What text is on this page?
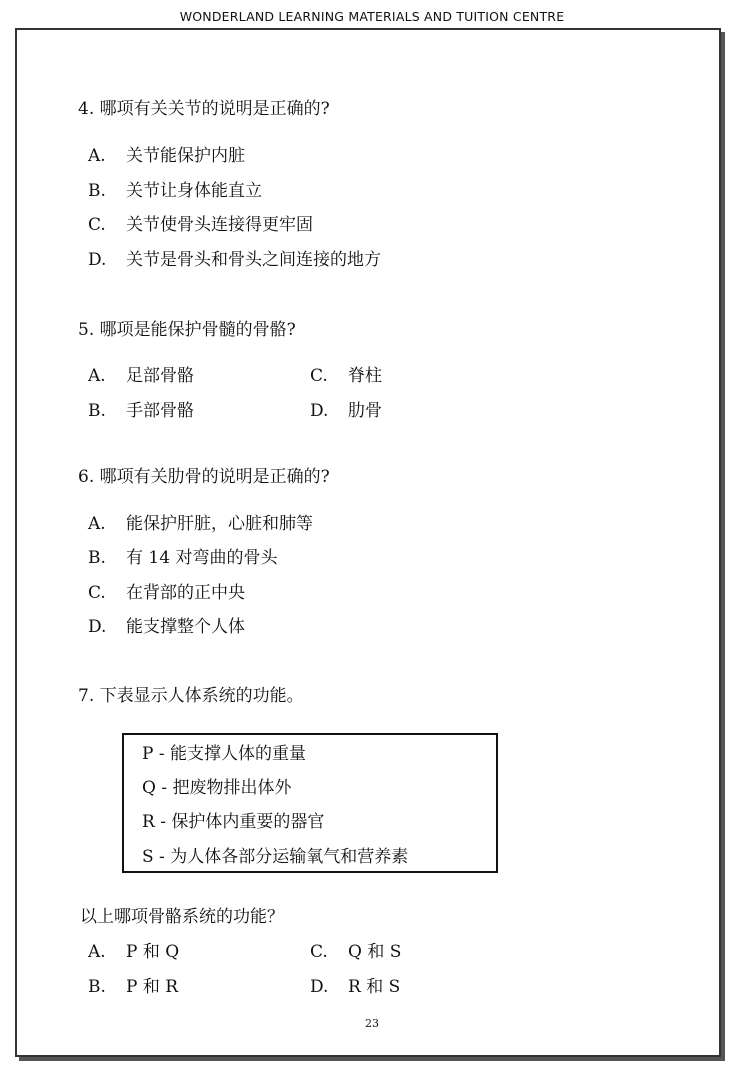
WONDERLAND LEARNING MATERIALS AND TUITION CENTRE
4. 哪项有关关节的说明是正确的?
A. 关节能保护内脏
B. 关节让身体能直立
C. 关节使骨头连接得更牢固
D. 关节是骨头和骨头之间连接的地方
5. 哪项是能保护骨髓的骨骼?
A. 足部骨骼	C. 脊柱
B. 手部骨骼	D. 肋骨
6. 哪项有关肋骨的说明是正确的?
A. 能保护肝脏，心脏和肺等
B. 有 14 对弯曲的骨头
C. 在背部的正中央
D. 能支撑整个人体
7. 下表显示人体系统的功能。
P - 能支撑人体的重量
Q - 把废物排出体外
R - 保护体内重要的器官
S - 为人体各部分运输氧气和营养素
以上哪项骨骼系统的功能？
A. P 和 Q	C. Q 和 S
B. P 和 R	D. R 和 S
23
